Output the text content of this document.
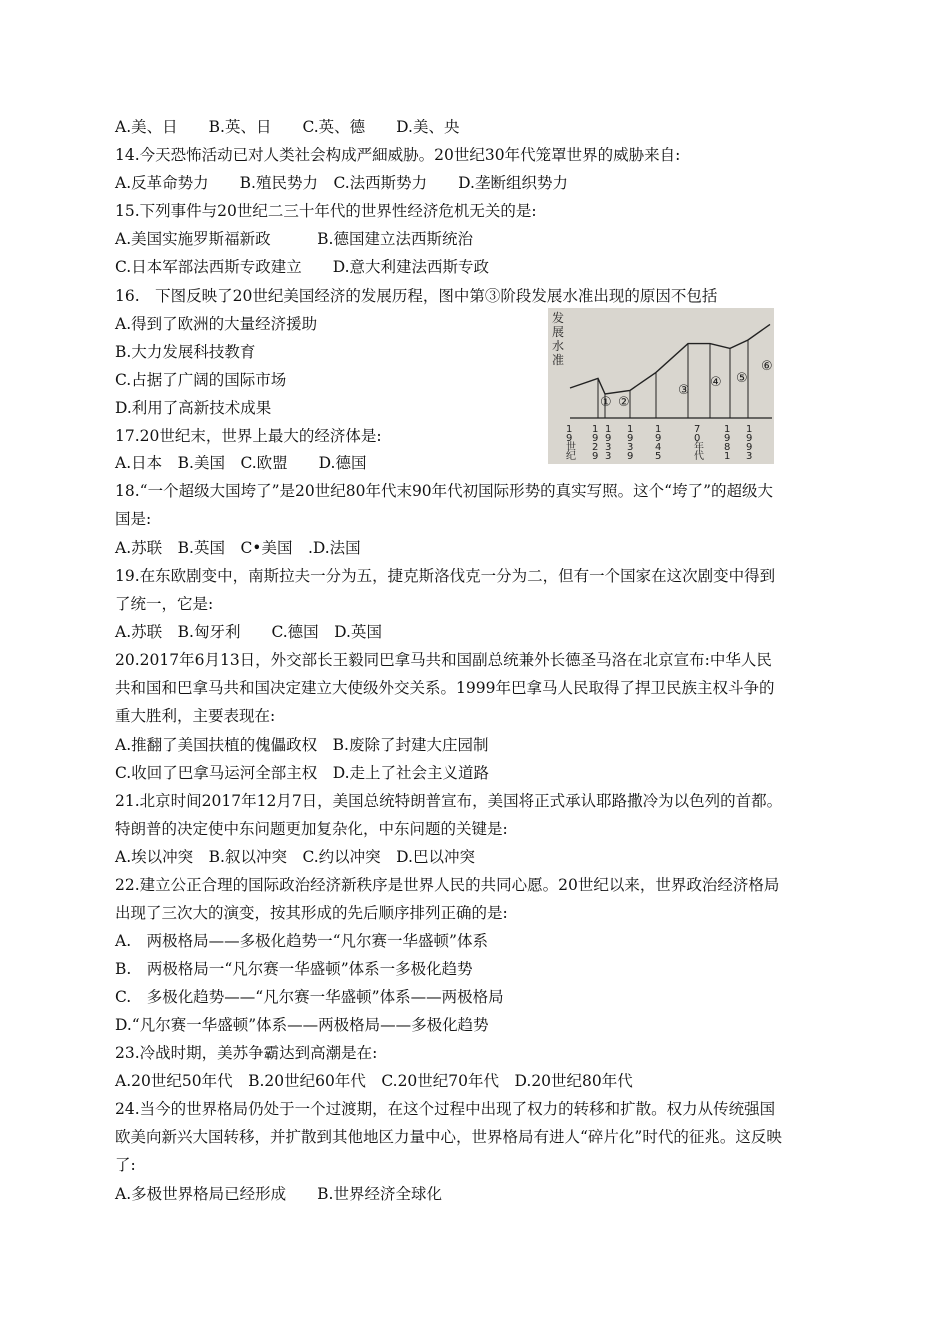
A.美、日　　B.英、日　　C.英、德　　D.美、央
14.今天恐怖活动已对人类社会构成严細威胁。20世纪30年代笼罩世界的威胁来自:
A.反革命势力　　B.殖民势力　C.法西斯势力　　D.垄断组织势力
15.下列事件与20世纪二三十年代的世界性经济危机无关的是:
A.美国实施罗斯福新政　　　B.德国建立法西斯统治
C.日本军部法西斯专政建立　　D.意大利建法西斯专政
16.　下图反映了20世纪美国经济的发展历程，图中第③阶段发展水准出现的原因不包括
A.得到了欧洲的大量经济援助
B.大力发展科技教育
C.占据了广阔的国际市场
D.利用了高新技术成果
17.20世纪末，世界上最大的经济体是:
A.日本　B.美国　C.欧盟　　D.德国
18.“一个超级大国垮了”是20世纪80年代末90年代初国际形势的真实写照。这个“垮了”的超级大
国是:
A.苏联　B.英国　C•美国　.D.法国
19.在东欧剧变中，南斯拉夫一分为五，捷克斯洛伐克一分为二，但有一个国家在这次剧变中得到
了统一，它是:
A.苏联　B.匈牙利　　C.德国　D.英国
20.2017年6月13日，外交部长王毅同巴拿马共和国副总统兼外长德圣马洛在北京宣布:中华人民
共和国和巴拿马共和国决定建立大使级外交关系。1999年巴拿马人民取得了捍卫民族主权斗争的
重大胜利，主要表现在:
A.推翻了美国扶植的傀儡政权　B.废除了封建大庄园制
C.收回了巴拿马运河全部主权　D.走上了社会主义道路
21.北京时间2017年12月7日，美国总统特朗普宣布，美国将正式承认耶路撒冷为以色列的首都。
特朗普的决定使中东问题更加复杂化，中东问题的关键是:
A.埃以冲突　B.叙以冲突　C.约以冲突　D.巴以冲突
22.建立公正合理的国际政治经济新秩序是世界人民的共同心愿。20世纪以来，世界政治经济格局
出现了三次大的演变，按其形成的先后顺序排列正确的是:
A.　两极格局——多极化趋势一“凡尔赛一华盛顿”体系
B.　两极格局一“凡尔赛一华盛顿”体系一多极化趋势
C.　多极化趋势——“凡尔赛一华盛顿”体系——两极格局
D.“凡尔赛一华盛顿”体系——两极格局——多极化趋势
23.冷战时期，美苏争霸达到高潮是在:
A.20世纪50年代　B.20世纪60年代　C.20世纪70年代　D.20世纪80年代
24.当今的世界格局仍处于一个过渡期，在这个过程中出现了权力的转移和扩散。权力从传统强国
欧美向新兴大国转移，并扩散到其他地区力量中心，世界格局有进人“碎片化”时代的征兆。这反映
了:
A.多极世界格局已经形成　　B.世界经济全球化
发展水准
① ②
③
④ ⑤
⑥
1 9 世纪
1 9 2 9
1 9 3 3
1 9 3 9
1 9 4 5
7 0 年代
1 9 8 1
1 9 9 3
